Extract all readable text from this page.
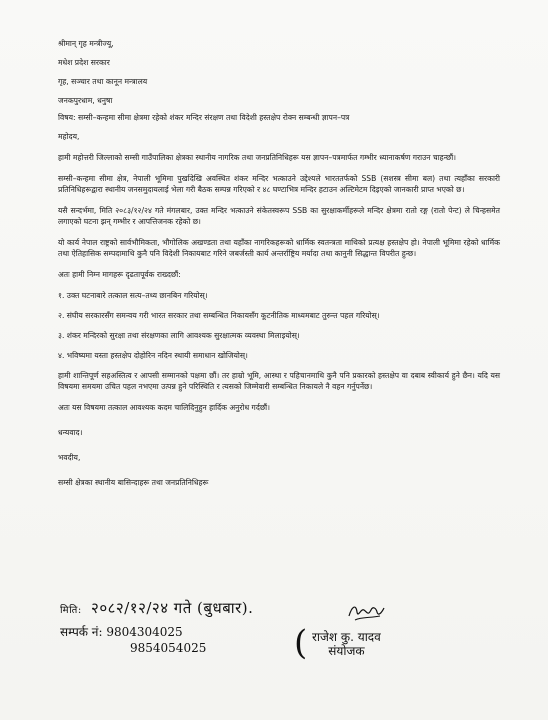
श्रीमान् गृह मन्त्रीज्यू,
मधेश प्रदेश सरकार
गृह, सञ्चार तथा कानून मन्त्रालय
जनकपुरधाम, धनुषा
विषय: सम्सी–कन्हमा सीमा क्षेत्रमा रहेको शंकर मन्दिर संरक्षण तथा विदेशी हस्तक्षेप रोक्न सम्बन्धी ज्ञापन–पत्र
महोदय,

हामी महोत्तरी जिल्लाको सम्सी गाउँपालिका क्षेत्रका स्थानीय नागरिक तथा जनप्रतिनिधिहरू यस ज्ञापन–पत्रमार्फत गम्भीर ध्यानाकर्षण गराउन चाहन्छौं।

सम्सी–कन्हमा सीमा क्षेत्र, नेपाली भूमिमा पुर्खादेखि अवस्थित शंकर मन्दिर भत्काउने उद्देश्यले भारततर्फको SSB (सशस्त्र सीमा बल) तथा त्यहाँका सरकारी प्रतिनिधिहरूद्वारा स्थानीय जनसमुदायलाई भेला गरी बैठक सम्पन्न गरिएको र ४८ घण्टाभित्र मन्दिर हटाउन अल्टिमेटम दिइएको जानकारी प्राप्त भएको छ।

यसै सन्दर्भमा, मिति २०८३/१२/२४ गते मंगलबार, उक्त मन्दिर भत्काउने संकेतस्वरूप SSB का सुरक्षाकर्मीहरूले मन्दिर क्षेत्रमा रातो रङ्ग (रातो पेन्ट) ले चिन्हसमेत लगाएको घटना झन् गम्भीर र आपत्तिजनक रहेको छ।

यो कार्य नेपाल राष्ट्रको सार्वभौमिकता, भौगोलिक अखण्डता तथा यहाँका नागरिकहरूको धार्मिक स्वतन्त्रता माथिको प्रत्यक्ष हस्तक्षेप हो। नेपाली भूमिमा रहेको धार्मिक तथा ऐतिहासिक सम्पदामाथि कुनै पनि विदेशी निकायबाट गरिने जबर्जस्ती कार्य अन्तर्राष्ट्रिय मर्यादा तथा कानुनी सिद्धान्त विपरीत हुन्छ।

अतः हामी निम्न मागहरू दृढतापूर्वक राख्दछौं:

१. उक्त घटनाबारे तत्काल सत्य–तथ्य छानबिन गरियोस्।

२. संघीय सरकारसँग समन्वय गरी भारत सरकार तथा सम्बन्धित निकायसँग कूटनीतिक माध्यमबाट तुरुन्त पहल गरियोस्।

३. शंकर मन्दिरको सुरक्षा तथा संरक्षणका लागि आवश्यक सुरक्षात्मक व्यवस्था मिलाइयोस्।

४. भविष्यमा यस्ता हस्तक्षेप दोहोरिन नदिन स्थायी समाधान खोजियोस्।

हामी शान्तिपूर्ण सहअस्तित्व र आपसी सम्मानको पक्षमा छौं। तर हाम्रो भूमि, आस्था र पहिचानमाथि कुनै पनि प्रकारको हस्तक्षेप वा दबाब स्वीकार्य हुने छैन। यदि यस विषयमा समयमा उचित पहल नभएमा उत्पन्न हुने परिस्थिति र त्यसको जिम्मेवारी सम्बन्धित निकायले नै वहन गर्नुपर्नेछ।

अतः यस विषयमा तत्काल आवश्यक कदम चालिदिनुहुन हार्दिक अनुरोध गर्दछौं।

धन्यवाद।
भवदीय,
सम्सी क्षेत्रका स्थानीय बासिन्दाहरू तथा जनप्रतिनिधिहरू
मिति: २०८२/१२/२४ गते (बुधबार).
सम्पर्क नं: 9804304025
9854054025	( राजेश कु. यादव
संयोजक
